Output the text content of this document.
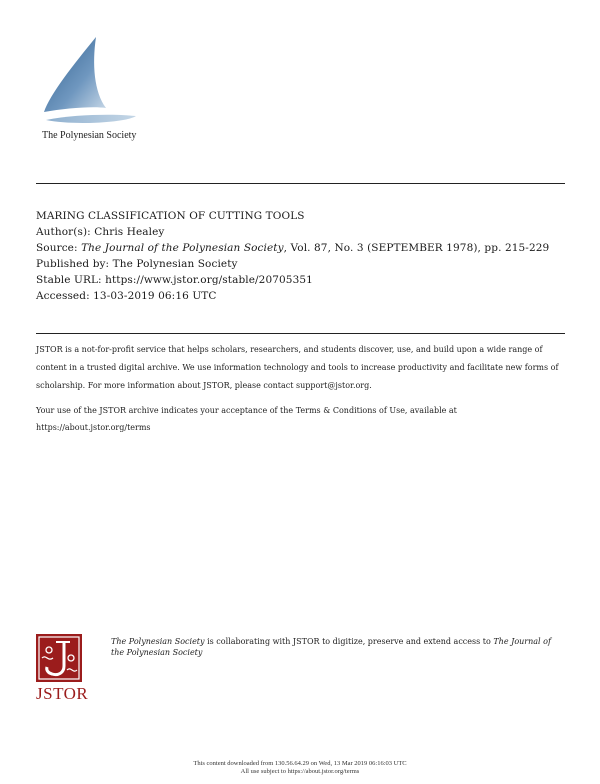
The Polynesian Society
MARING CLASSIFICATION OF CUTTING TOOLS
Author(s): Chris Healey
Source: The Journal of the Polynesian Society, Vol. 87, No. 3 (SEPTEMBER 1978), pp. 215-229
Published by: The Polynesian Society
Stable URL: https://www.jstor.org/stable/20705351
Accessed: 13-03-2019 06:16 UTC
JSTOR is a not-for-profit service that helps scholars, researchers, and students discover, use, and build upon a wide range of content in a trusted digital archive. We use information technology and tools to increase productivity and facilitate new forms of scholarship. For more information about JSTOR, please contact support@jstor.org.
Your use of the JSTOR archive indicates your acceptance of the Terms & Conditions of Use, available at https://about.jstor.org/terms
JSTOR
The Polynesian Society is collaborating with JSTOR to digitize, preserve and extend access to The Journal of the Polynesian Society
This content downloaded from 130.56.64.29 on Wed, 13 Mar 2019 06:16:03 UTC
All use subject to https://about.jstor.org/terms
